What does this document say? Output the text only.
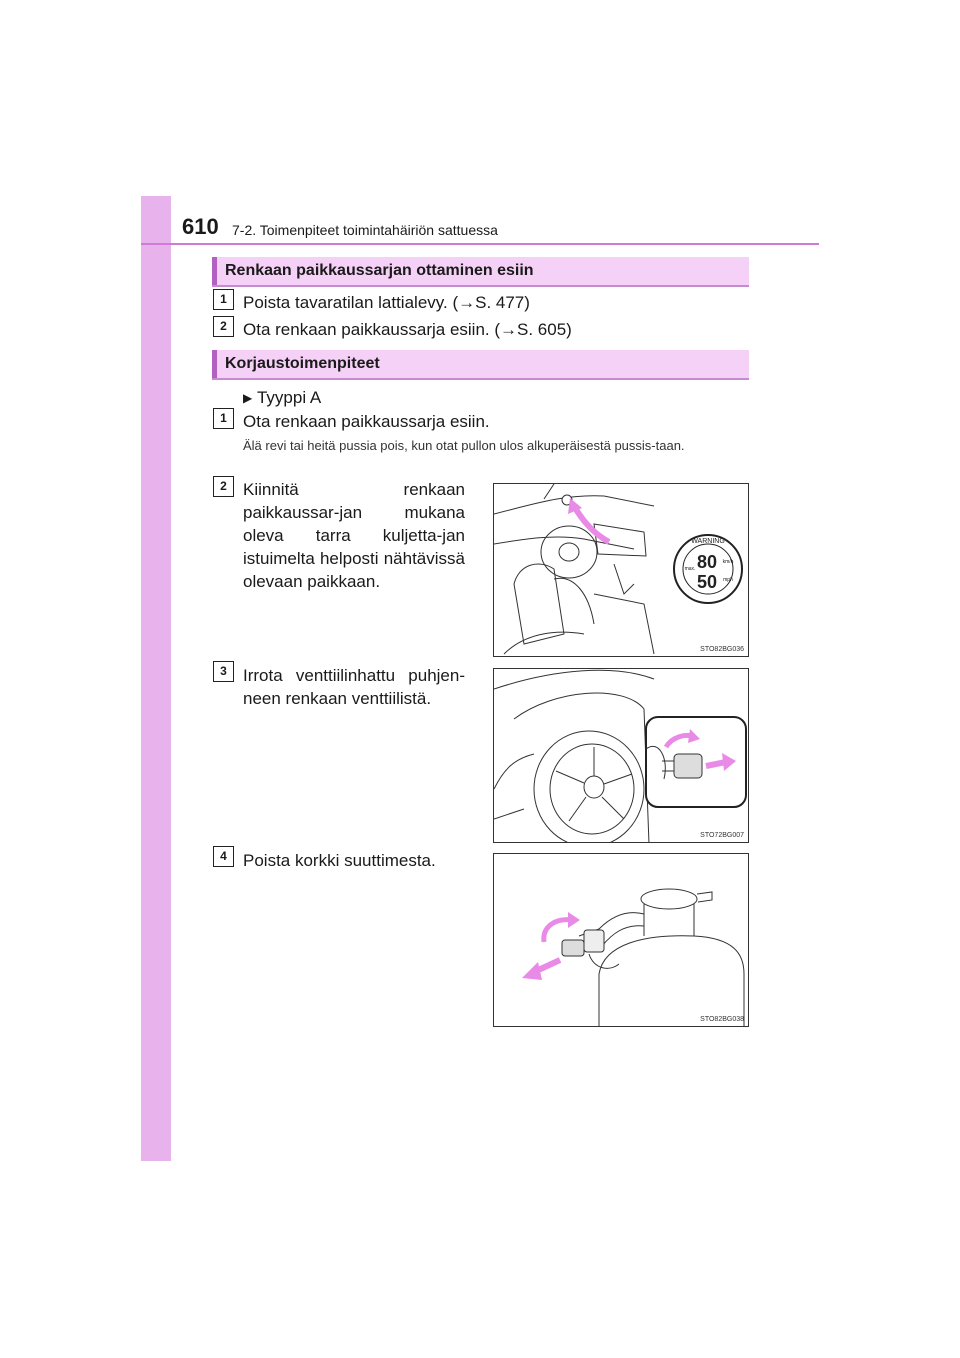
610 7-2. Toimenpiteet toimintahäiriön sattuessa
Renkaan paikkaussarjan ottaminen esiin
1 Poista tavaratilan lattialevy. (→S. 477)
2 Ota renkaan paikkaussarja esiin. (→S. 605)
Korjaustoimenpiteet
▶ Tyyppi A
1 Ota renkaan paikkaussarja esiin.
Älä revi tai heitä pussia pois, kun otat pullon ulos alkuperäisestä pussis-taan.
2 Kiinnitä renkaan paikkaussar-jan mukana oleva tarra kuljetta-jan istuimelta helposti nähtävissä olevaan paikkaan.
WARNING
80
50
km/h
mph
max.
STO82BG036
3 Irrota venttiilinhattu puhjen-neen renkaan venttiilistä.
STO72BG007
4 Poista korkki suuttimesta.
STO82BG038
